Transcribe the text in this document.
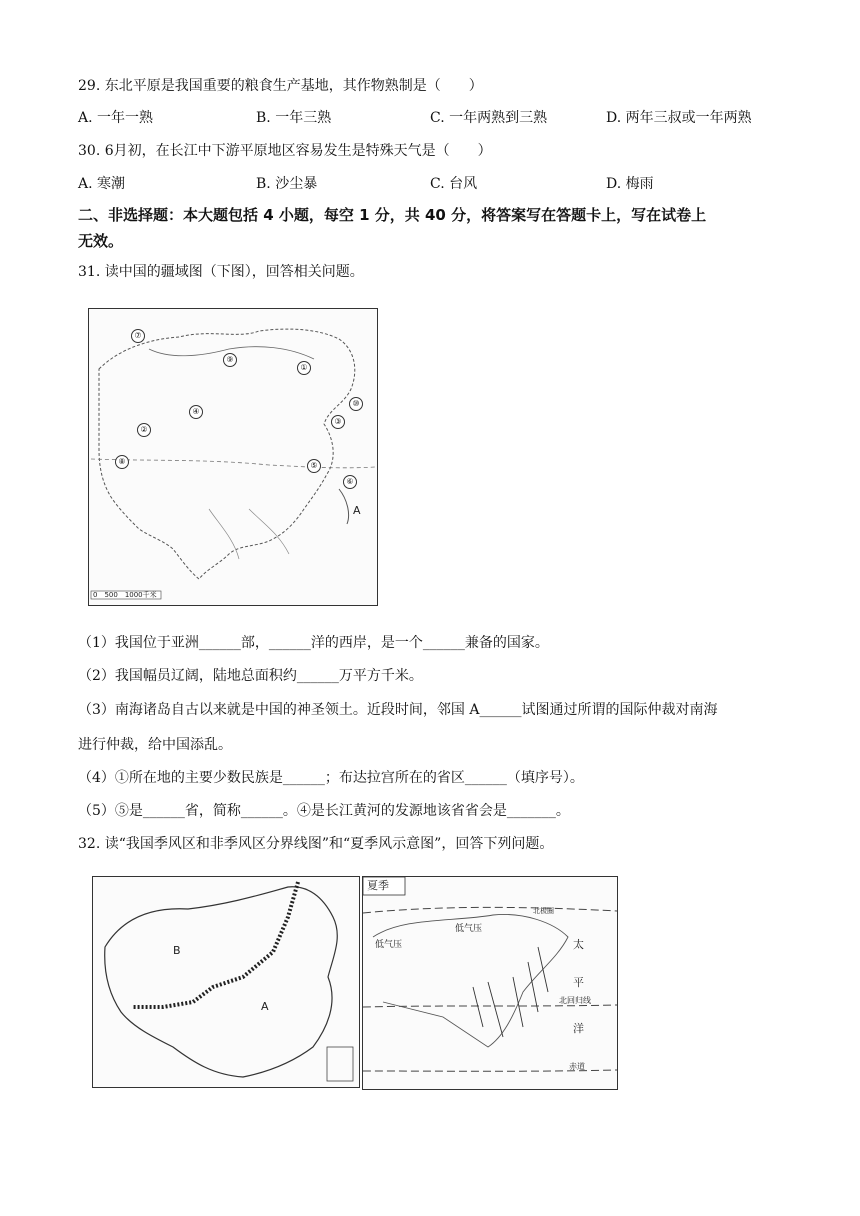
29. 东北平原是我国重要的粮食生产基地，其作物熟制是（　　）
A. 一年一熟	B. 一年三熟	C. 一年两熟到三熟	D. 两年三叔或一年两熟
30. 6月初，在长江中下游平原地区容易发生是特殊天气是（　　）
A. 寒潮	B. 沙尘暴	C. 台风	D. 梅雨
二、非选择题：本大题包括 4 小题，每空 1 分，共 40 分，将答案写在答题卡上，写在试卷上
无效。
31. 读中国的疆域图（下图），回答相关问题。
⑦
⑨
①
④
⑩
③
②
⑧	⑤
⑥
A
0　500　1000千米
（1）我国位于亚洲______部，______洋的西岸，是一个______兼备的国家。
（2）我国幅员辽阔，陆地总面积约______万平方千米。
（3）南海诸岛自古以来就是中国的神圣领土。近段时间，邻国 A______试图通过所谓的国际仲裁对南海
进行仲裁，给中国添乱。
（4）①所在地的主要少数民族是______；布达拉宫所在的省区______（填序号）。
（5）⑤是______省，简称______。④是长江黄河的发源地该省省会是_______。
32. 读“我国季风区和非季风区分界线图”和“夏季风示意图”，回答下列问题。
B
A
夏季
北极圈
低气压
低气压	太
平
北回归线
洋
赤道
